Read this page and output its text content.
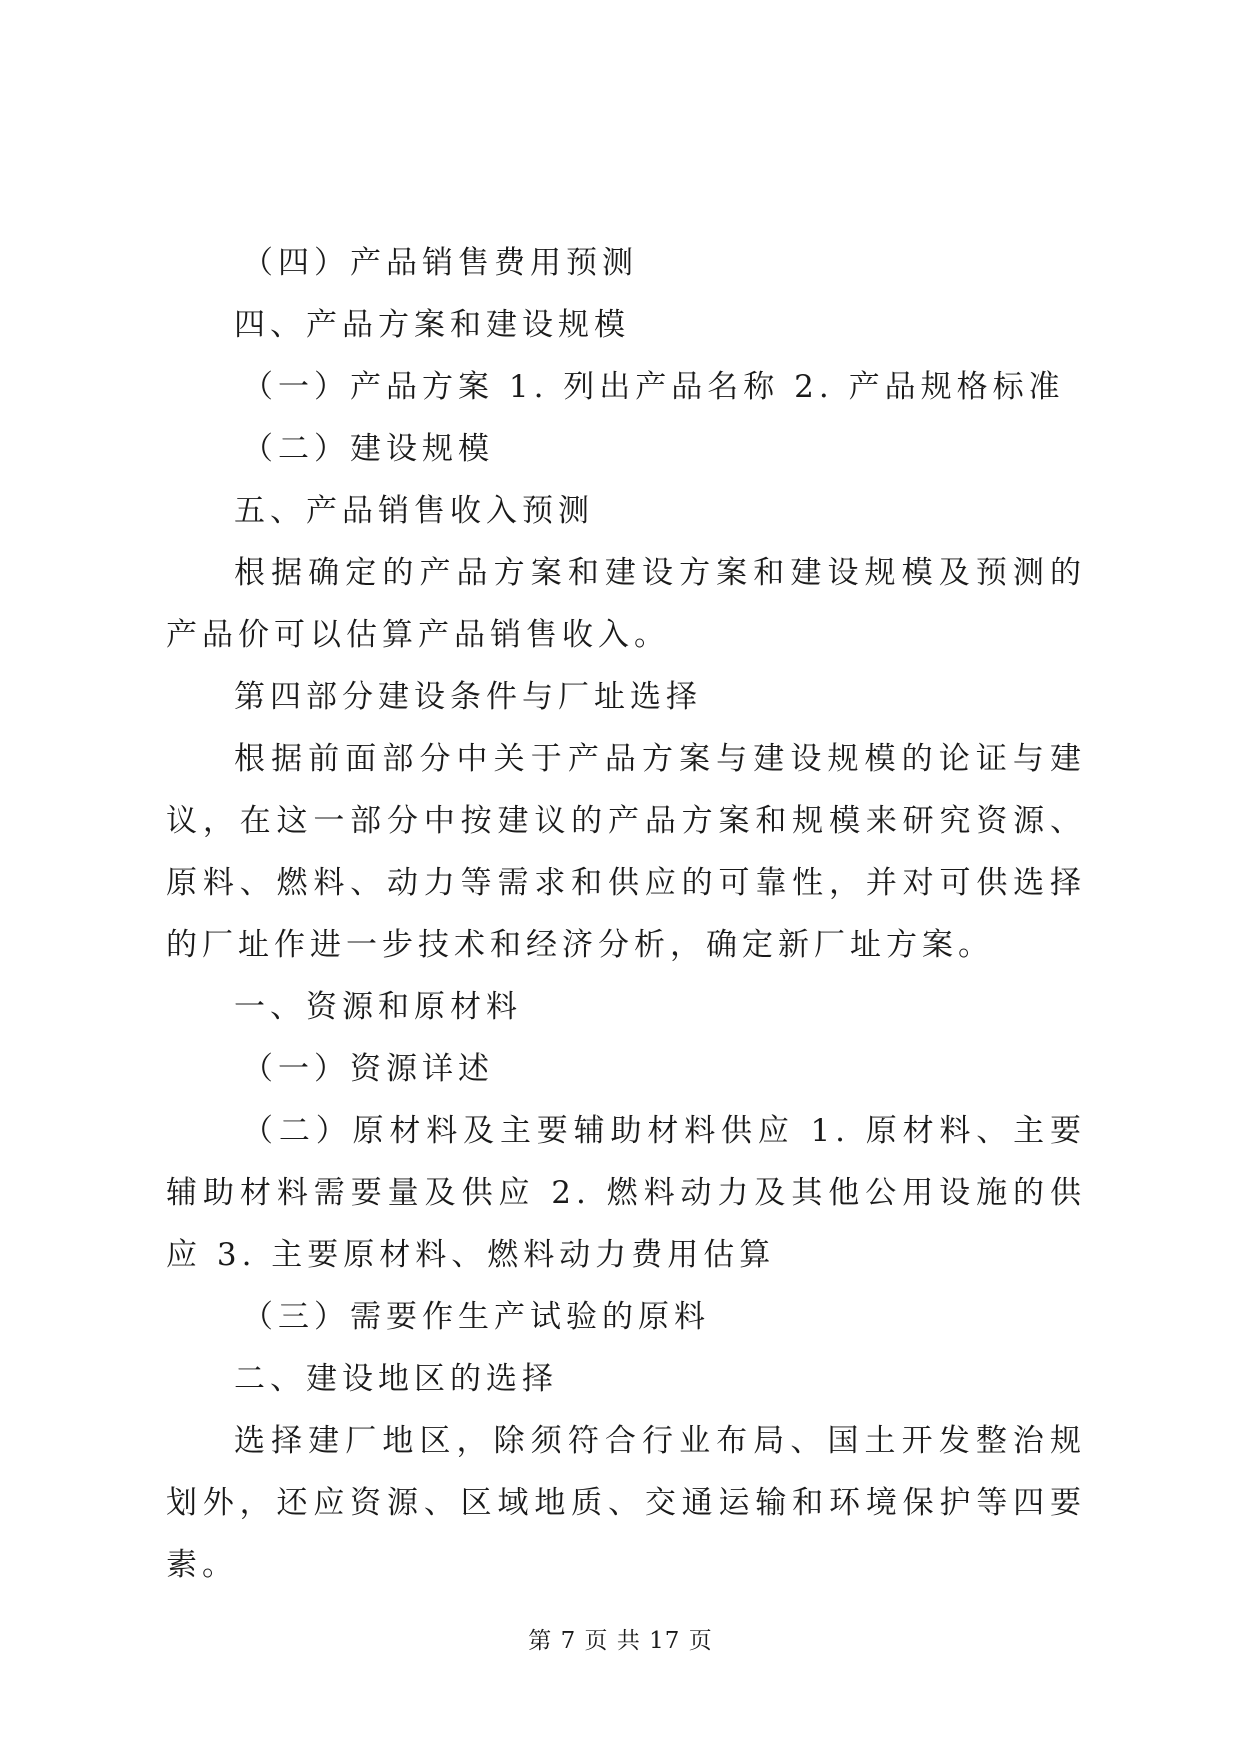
（四）产品销售费用预测

四、产品方案和建设规模

（一）产品方案 1. 列出产品名称 2. 产品规格标准

（二）建设规模

五、产品销售收入预测

根据确定的产品方案和建设方案和建设规模及预测的产品价可以估算产品销售收入。

第四部分建设条件与厂址选择

根据前面部分中关于产品方案与建设规模的论证与建议，在这一部分中按建议的产品方案和规模来研究资源、原料、燃料、动力等需求和供应的可靠性，并对可供选择的厂址作进一步技术和经济分析，确定新厂址方案。

一、资源和原材料

（一）资源详述

（二）原材料及主要辅助材料供应 1. 原材料、主要辅助材料需要量及供应 2. 燃料动力及其他公用设施的供应 3. 主要原材料、燃料动力费用估算

（三）需要作生产试验的原料

二、建设地区的选择

选择建厂地区，除须符合行业布局、国土开发整治规划外，还应资源、区域地质、交通运输和环境保护等四要素。

第 7 页 共 17 页
